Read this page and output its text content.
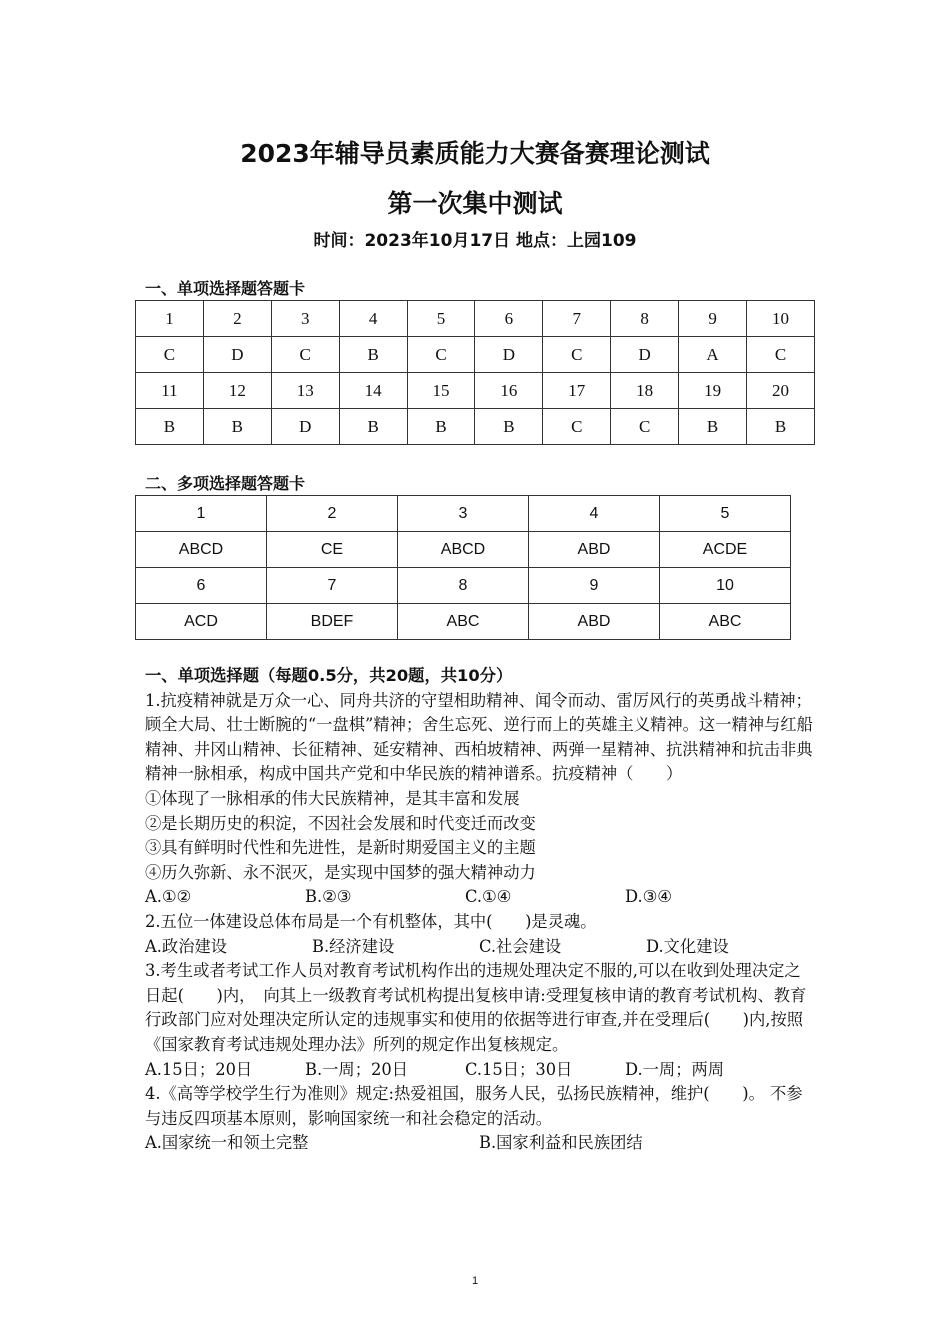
2023年辅导员素质能力大赛备赛理论测试
第一次集中测试
时间：2023年10月17日 地点：上园109
一、单项选择题答题卡
1	2	3	4	5	6	7	8	9	10
C	D	C	B	C	D	C	D	A	C
11	12	13	14	15	16	17	18	19	20
B	B	D	B	B	B	C	C	B	B
二、多项选择题答题卡
1	2	3	4	5
ABCD	CE	ABCD	ABD	ACDE
6	7	8	9	10
ACD	BDEF	ABC	ABD	ABC

一、单项选择题（每题0.5分，共20题，共10分）

1.抗疫精神就是万众一心、同舟共济的守望相助精神、闻令而动、雷厉风行的英勇战斗精神；顾全大局、壮士断腕的“一盘棋”精神；舍生忘死、逆行而上的英雄主义精神。这一精神与红船精神、井冈山精神、长征精神、延安精神、西柏坡精神、两弹一星精神、抗洪精神和抗击非典精神一脉相承，构成中国共产党和中华民族的精神谱系。抗疫精神（　　）

①体现了一脉相承的伟大民族精神，是其丰富和发展

②是长期历史的积淀，不因社会发展和时代变迁而改变

③具有鲜明时代性和先进性，是新时期爱国主义的主题

④历久弥新、永不泯灭，是实现中国梦的强大精神动力

A.①②	B.②③	C.①④	D.③④

2.五位一体建设总体布局是一个有机整体，其中(　　)是灵魂。

A.政治建设	B.经济建设	C.社会建设	D.文化建设

3.考生或者考试工作人员对教育考试机构作出的违规处理决定不服的,可以在收到处理决定之日起(　　)内，　向其上一级教育考试机构提出复核申请:受理复核申请的教育考试机构、教育行政部门应对处理决定所认定的违规事实和使用的依据等进行审查,并在受理后(　　)内,按照《国家教育考试违规处理办法》所列的规定作出复核规定。

A.15日；20日	B.一周；20日	C.15日；30日	D.一周；两周

4.《高等学校学生行为准则》规定:热爱祖国，服务人民，弘扬民族精神，维护(　　)。 不参与违反四项基本原则，影响国家统一和社会稳定的活动。

A.国家统一和领土完整	B.国家利益和民族团结

1
